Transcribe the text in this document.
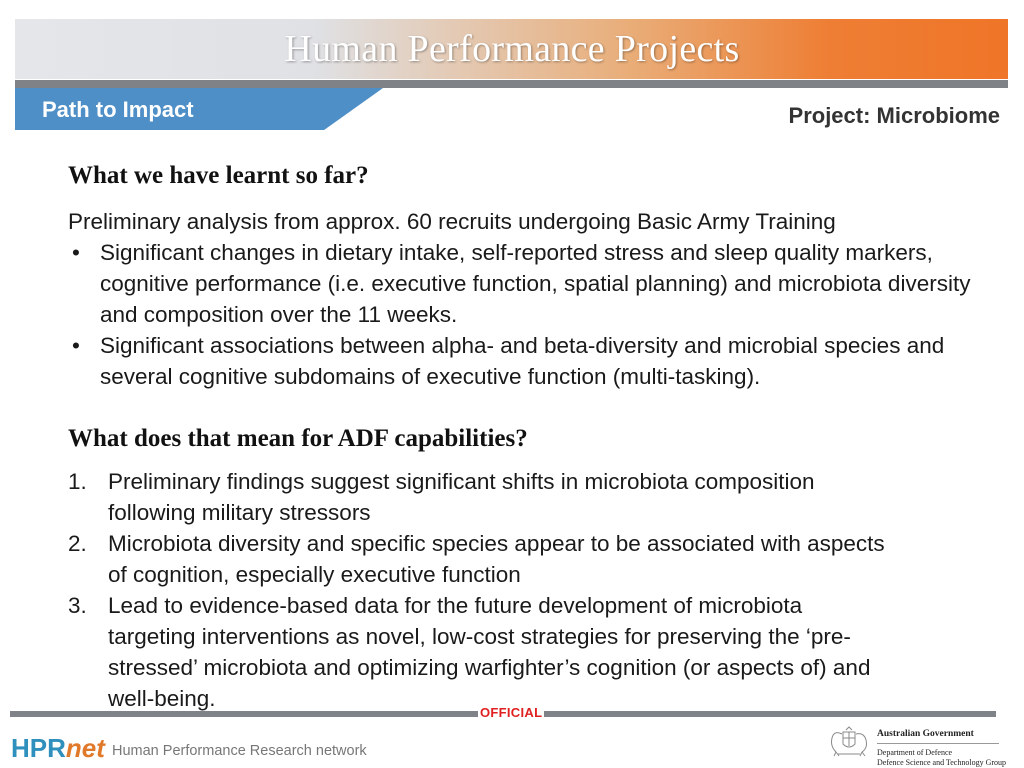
Human Performance Projects
Path to Impact	Project: Microbiome
What we have learnt so far?

Preliminary analysis from approx. 60 recruits undergoing Basic Army Training

• Significant changes in dietary intake, self-reported stress and sleep quality markers, cognitive performance (i.e. executive function, spatial planning) and microbiota diversity and composition over the 11 weeks.
• Significant associations between alpha- and beta-diversity and microbial species and several cognitive subdomains of executive function (multi-tasking).
What does that mean for ADF capabilities?
1. Preliminary findings suggest significant shifts in microbiota composition following military stressors
2. Microbiota diversity and specific species appear to be associated with aspects of cognition, especially executive function
3. Lead to evidence-based data for the future development of microbiota targeting interventions as novel, low-cost strategies for preserving the ‘pre-stressed’ microbiota and optimizing warfighter’s cognition (or aspects of) and well-being.
OFFICIAL
HPRnet Human Performance Research network
Australian Government
Department of Defence
Defence Science and Technology Group
